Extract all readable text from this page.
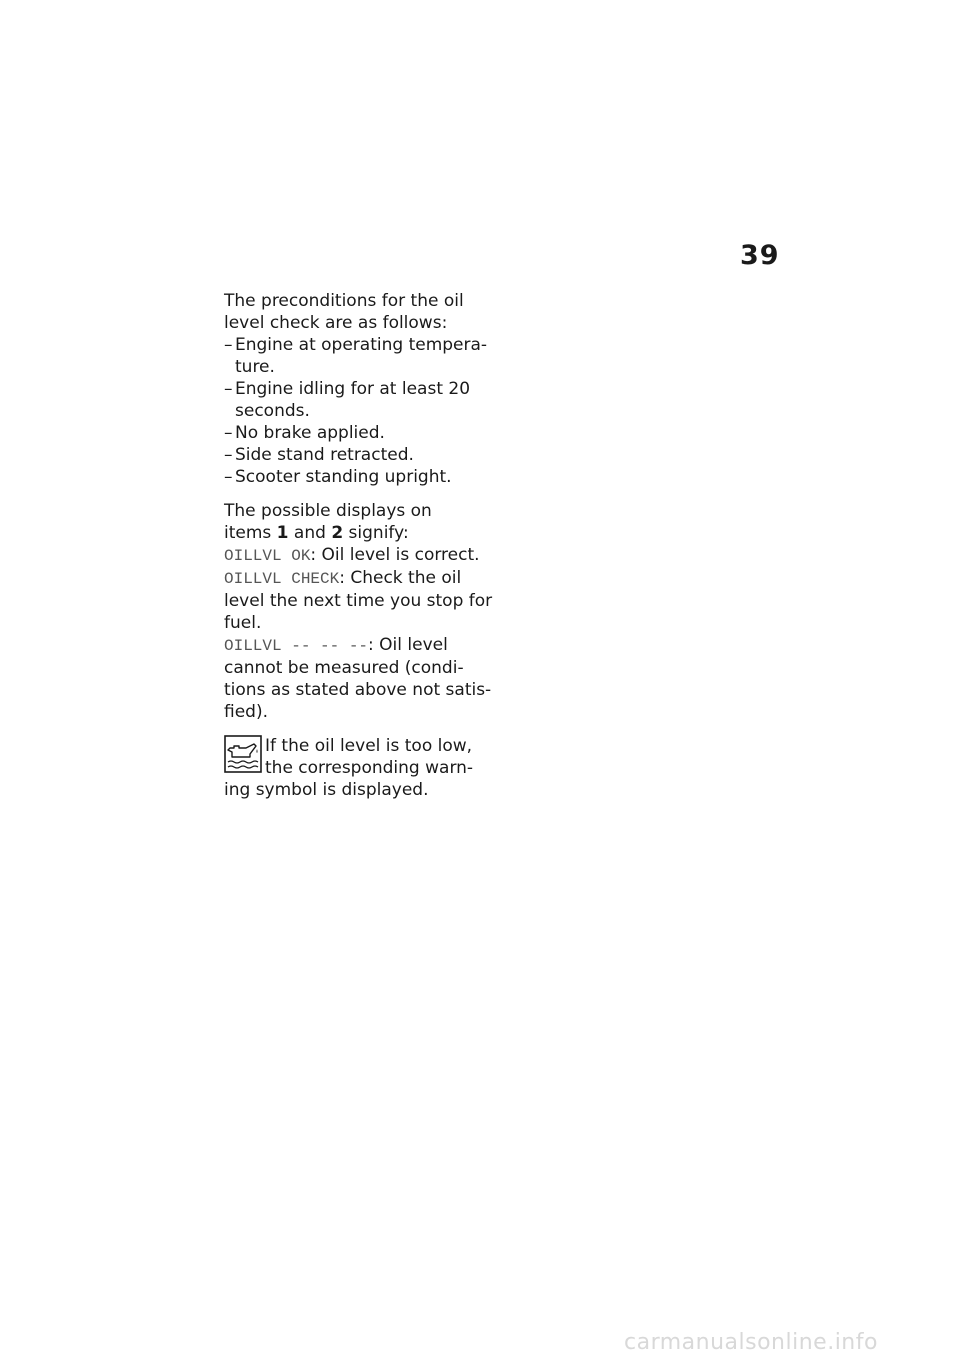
39
The preconditions for the oil
level check are as follows:
– Engine at operating tempera-
ture.
– Engine idling for at least 20
seconds.
– No brake applied.
– Side stand retracted.
– Scooter standing upright.
The possible displays on
items 1 and 2 signify:
OILLVL OK: Oil level is correct.
OILLVL CHECK: Check the oil
level the next time you stop for
fuel.
OILLVL -- -- --: Oil level
cannot be measured (condi-
tions as stated above not satis-
fied).
If the oil level is too low,
the corresponding warn-
ing symbol is displayed.
carmanualsonline.info
